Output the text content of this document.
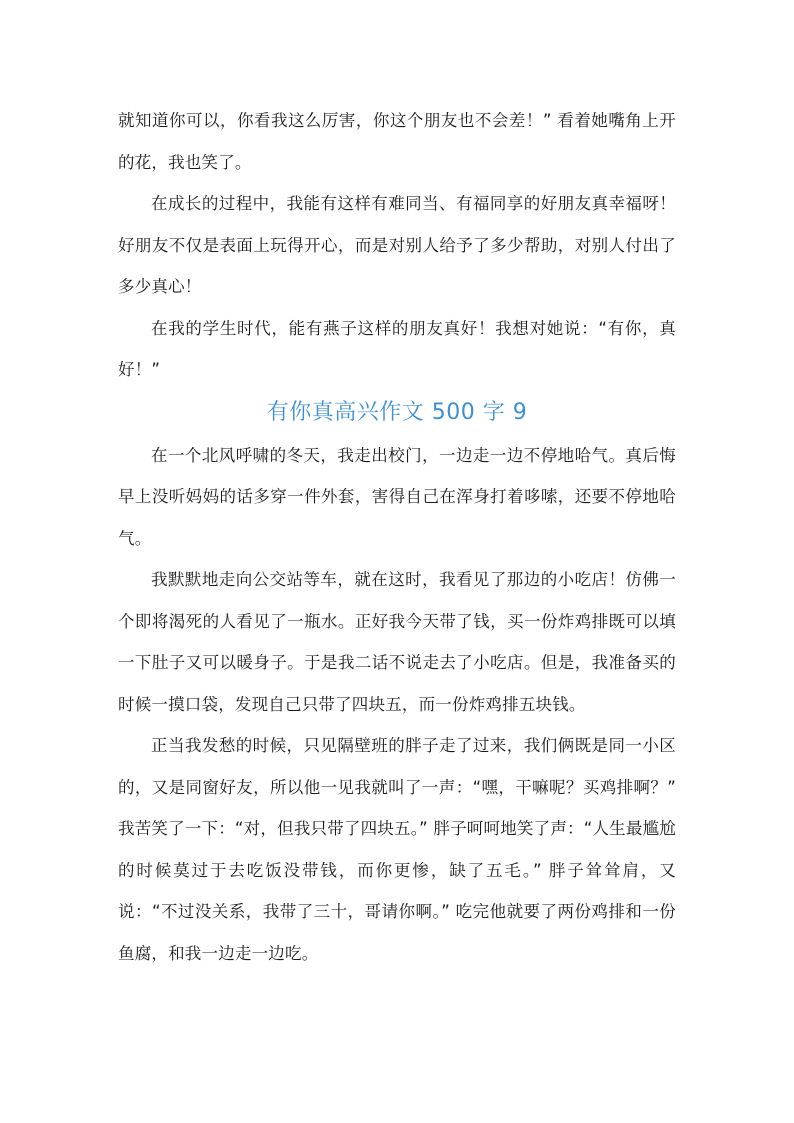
就知道你可以，你看我这么厉害，你这个朋友也不会差！” 看着她嘴角上开的花，我也笑了。

在成长的过程中，我能有这样有难同当、有福同享的好朋友真幸福呀！好朋友不仅是表面上玩得开心，而是对别人给予了多少帮助，对别人付出了多少真心！

在我的学生时代，能有燕子这样的朋友真好！我想对她说：“有你，真好！”

有你真高兴作文 500 字 9

在一个北风呼啸的冬天，我走出校门，一边走一边不停地哈气。真后悔早上没听妈妈的话多穿一件外套，害得自己在浑身打着哆嗦，还要不停地哈气。

我默默地走向公交站等车，就在这时，我看见了那边的小吃店！仿佛一个即将渴死的人看见了一瓶水。正好我今天带了钱，买一份炸鸡排既可以填一下肚子又可以暖身子。于是我二话不说走去了小吃店。但是，我准备买的时候一摸口袋，发现自己只带了四块五，而一份炸鸡排五块钱。

正当我发愁的时候，只见隔壁班的胖子走了过来，我们俩既是同一小区的，又是同窗好友，所以他一见我就叫了一声：“嘿，干嘛呢？买鸡排啊？” 我苦笑了一下：“对，但我只带了四块五。” 胖子呵呵地笑了声：“人生最尴尬的时候莫过于去吃饭没带钱，而你更惨，缺了五毛。” 胖子耸耸肩，又说：“不过没关系，我带了三十，哥请你啊。” 吃完他就要了两份鸡排和一份鱼腐，和我一边走一边吃。
